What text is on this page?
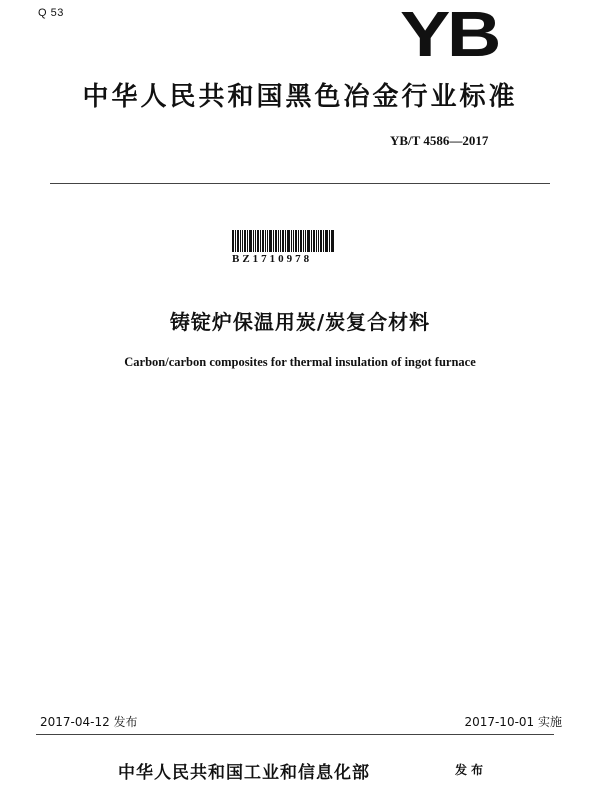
Q 53	YB
中华人民共和国黑色冶金行业标准
YB/T 4586—2017
BZ1710978
铸锭炉保温用炭/炭复合材料
Carbon/carbon composites for thermal insulation of ingot furnace
2017-04-12 发布	2017-10-01 实施
中华人民共和国工业和信息化部	发布
